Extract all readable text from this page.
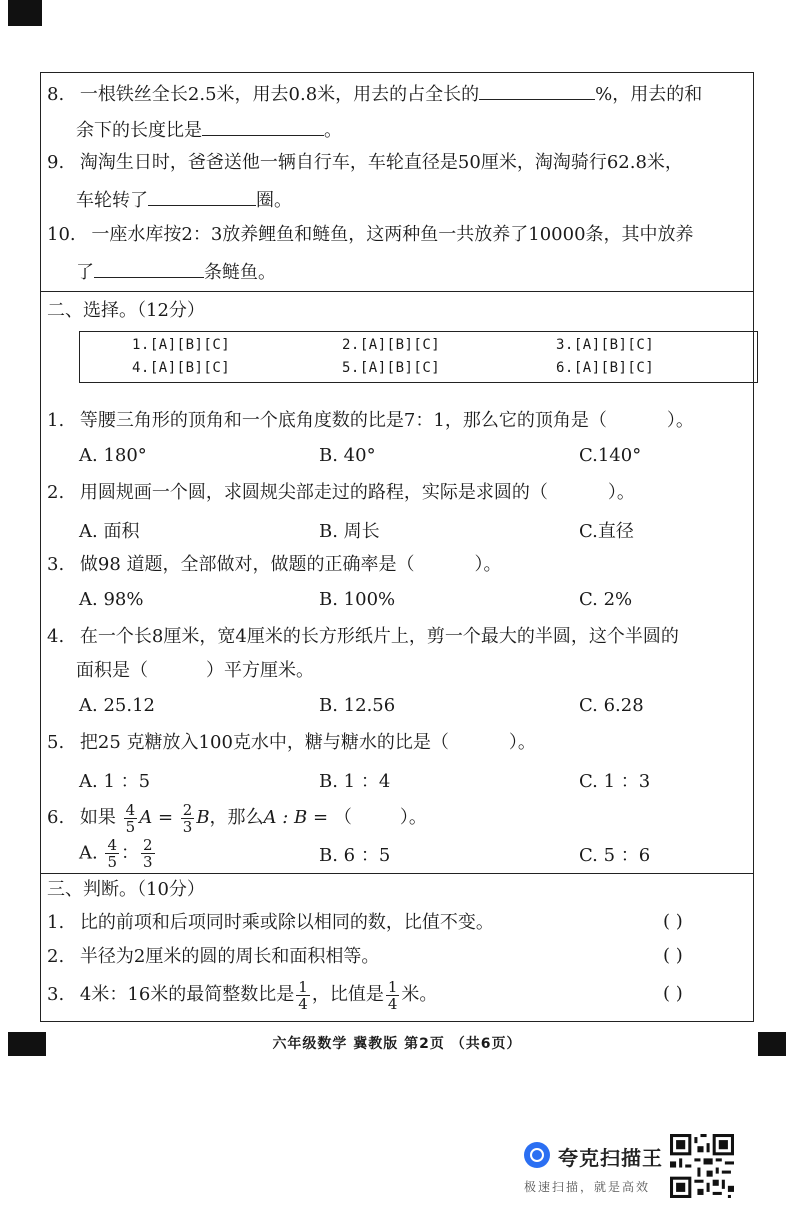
8. 一根铁丝全长2.5米，用去0.8米，用去的占全长的	%，用去的和
余下的长度比是	。
9. 淘淘生日时，爸爸送他一辆自行车，车轮直径是50厘米，淘淘骑行62.8米，
车轮转了	圈。
10. 一座水库按2：3放养鲤鱼和鲢鱼，这两种鱼一共放养了10000条，其中放养
了	条鲢鱼。
二、选择。（12分）
1.[A][B][C]	2.[A][B][C]	3.[A][B][C]
4.[A][B][C]	5.[A][B][C]	6.[A][B][C]
1. 等腰三角形的顶角和一个底角度数的比是7：1，那么它的顶角是（	）。
A. 180°	B. 40°	C.140°
2. 用圆规画一个圆，求圆规尖部走过的路程，实际是求圆的（	）。
A. 面积	B. 周长	C.直径
3. 做98 道题，全部做对，做题的正确率是（	）。
A. 98%	B. 100%	C. 2%
4. 在一个长8厘米，宽4厘米的长方形纸片上，剪一个最大的半圆，这个半圆的
面积是（	）平方厘米。
A. 25.12	B. 12.56	C. 6.28
5. 把25 克糖放入100克水中，糖与糖水的比是（	）。
A. 1 ：5	B. 1 ：4	C. 1 ：3
6. 如果 $\frac{4}{5}$ $A = \frac{2}{3}$ B，那么A : B = （	）。
A. $\frac{4}{5}$ ： $\frac{2}{3}$	B. 6 ：5	C. 5 ：6
三、判断。（10分）
1. 比的前项和后项同时乘或除以相同的数，比值不变。	( )
2. 半径为2厘米的圆的周长和面积相等。	( )
3. 4米：16米的最简整数比是 $\frac{1}{4}$ ，比值是 $\frac{1}{4}$ 米。	( )
六年级数学 冀教版 第2页 （共6页）
夸克扫描王
极速扫描，就是高效
